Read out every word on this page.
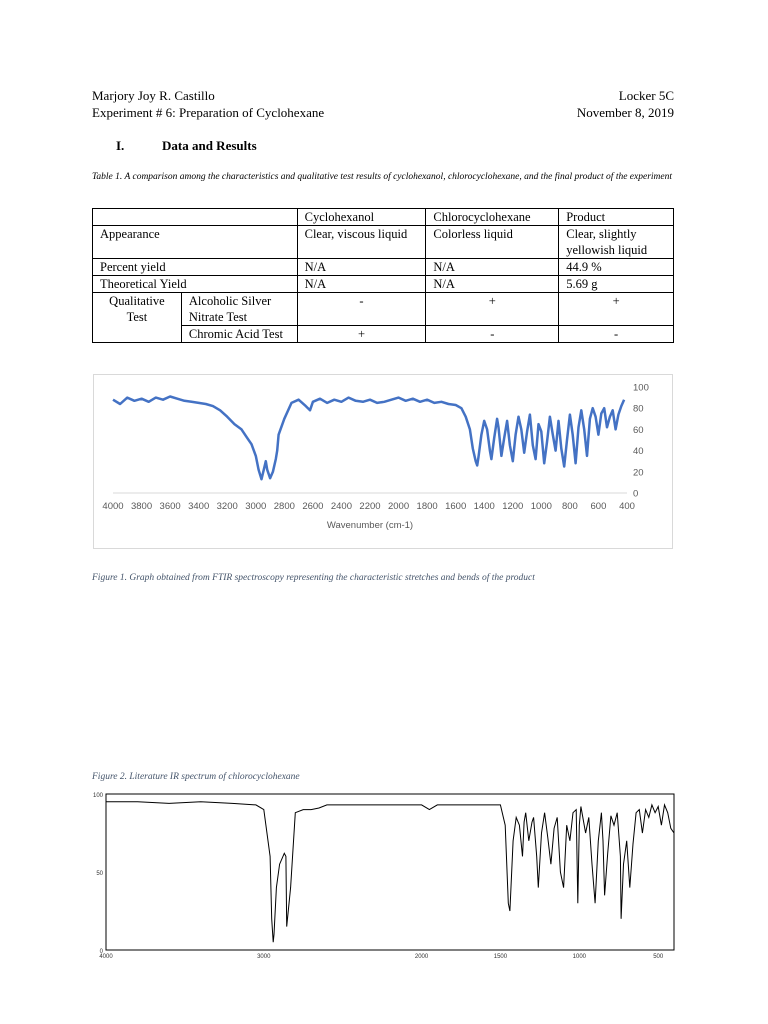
Marjory Joy R. Castillo	Locker 5C
Experiment # 6: Preparation of Cyclohexane	November 8, 2019
I.	Data and Results
Table 1. A comparison among the characteristics and qualitative test results of cyclohexanol, chlorocyclohexane, and the final product of the experiment
		Cyclohexanol	Chlorocyclohexane	Product
Appearance		Clear, viscous liquid	Colorless liquid	Clear, slightly yellowish liquid
Percent yield		N/A	N/A	44.9 %
Theoretical Yield		N/A	N/A	5.69 g
Qualitative Test	Alcoholic Silver Nitrate Test	-	+	+
	Chromic Acid Test	+	-	-
0
20
40
60
80
100
4000 3800 3600 3400 3200 3000 2800 2600 2400 2200 2000 1800 1600 1400 1200 1000 800 600 400
Wavenumber (cm-1)
Figure 1. Graph obtained from FTIR spectroscopy representing the characteristic stretches and bends of the product
Figure 2. Literature IR spectrum of chlorocyclohexane
0
50
100
4000	3000	2000	1500	1000	500
